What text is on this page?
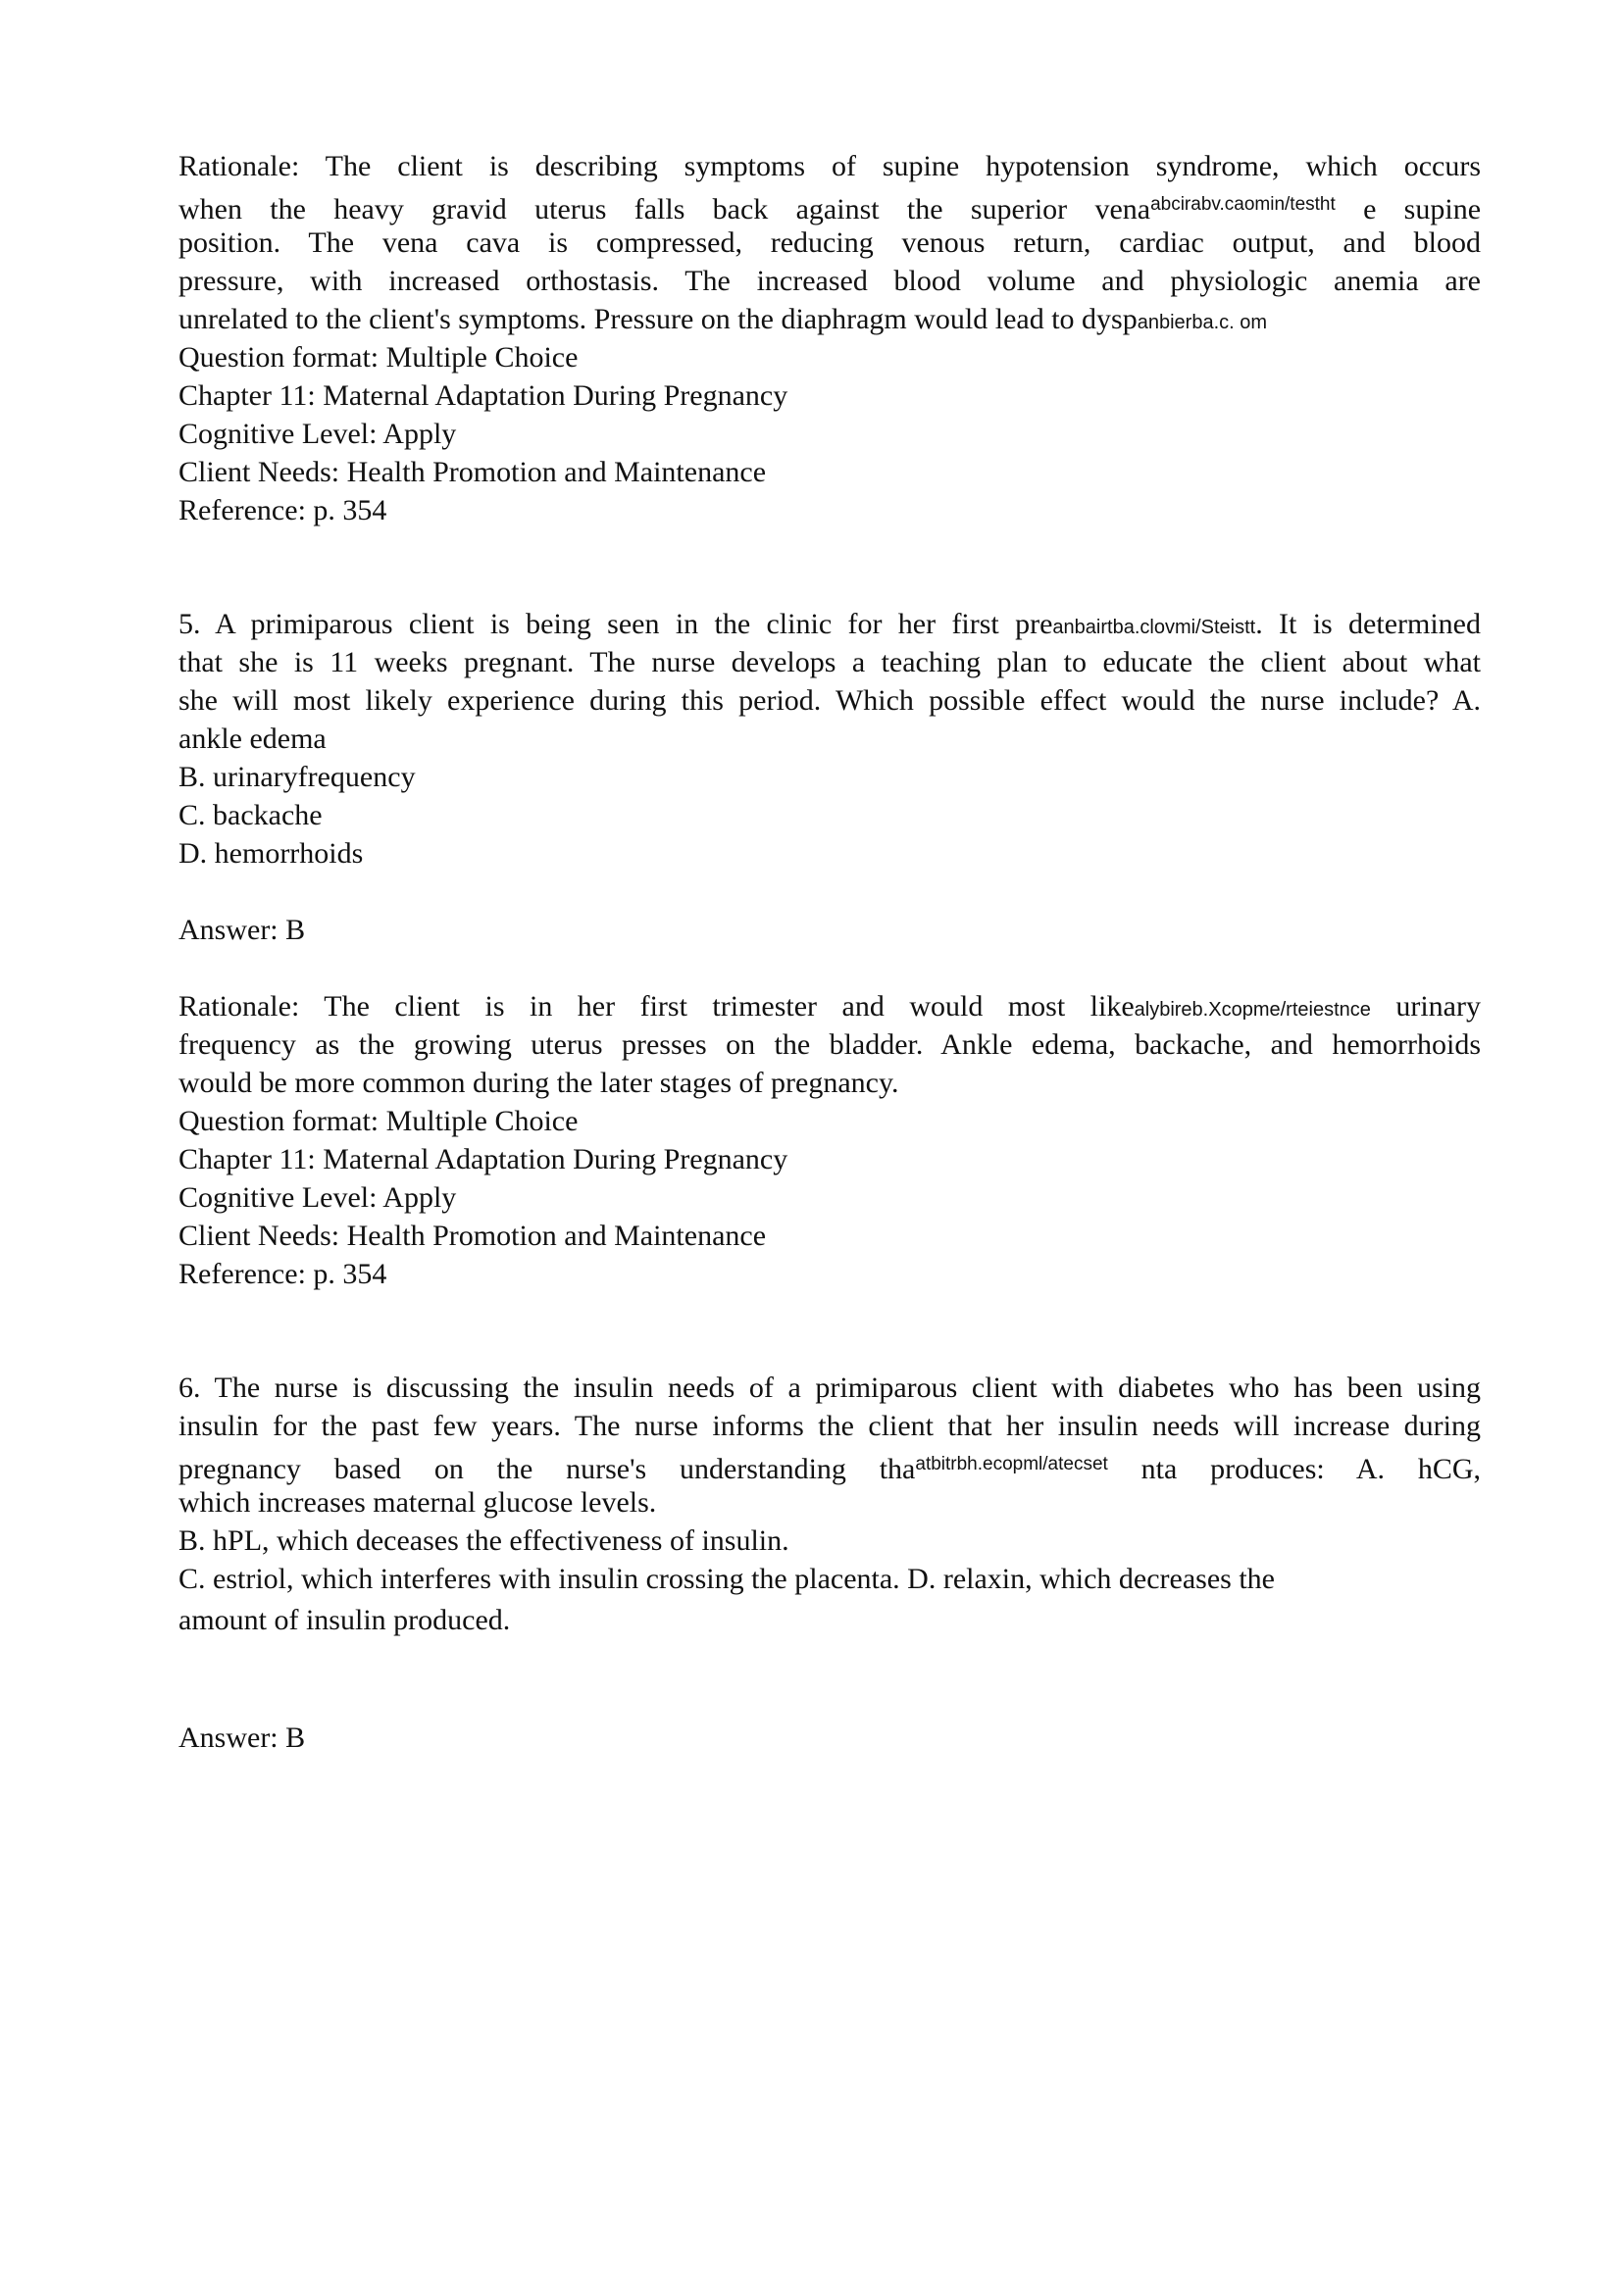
Rationale: The client is describing symptoms of supine hypotension syndrome, which occurs
when the heavy gravid uterus falls back against the superior vena$^{abcirabv.caomin/testht}$ e supine
position. The vena cava is compressed, reducing venous return, cardiac output, and blood
pressure, with increased orthostasis. The increased blood volume and physiologic anemia are
unrelated to the client's symptoms. Pressure on the diaphragm would lead to dyspanbierba.c. om
Question format: Multiple Choice
Chapter 11: Maternal Adaptation During Pregnancy
Cognitive Level: Apply
Client Needs: Health Promotion and Maintenance
Reference: p. 354
5. A primiparous client is being seen in the clinic for her first preanbairtba.clovmi/Steistt. It is determined
that she is 11 weeks pregnant. The nurse develops a teaching plan to educate the client about what
she will most likely experience during this period. Which possible effect would the nurse include? A.
ankle edema
B. urinaryfrequency
C. backache
D. hemorrhoids
Answer: B
Rationale: The client is in her first trimester and would most likealybireb.Xcopme/rteiestnce urinary
frequency as the growing uterus presses on the bladder. Ankle edema, backache, and hemorrhoids
would be more common during the later stages of pregnancy.
Question format: Multiple Choice
Chapter 11: Maternal Adaptation During Pregnancy
Cognitive Level: Apply
Client Needs: Health Promotion and Maintenance
Reference: p. 354
6. The nurse is discussing the insulin needs of a primiparous client with diabetes who has been using
insulin for the past few years. The nurse informs the client that her insulin needs will increase during
pregnancy based on the nurse's understanding tha$^{atbitrbh.ecopml/atecset}$ nta produces: A. hCG,
which increases maternal glucose levels.
B. hPL, which deceases the effectiveness of insulin.
C. estriol, which interferes with insulin crossing the placenta. D. relaxin, which decreases the
amount of insulin produced.
Answer: B
